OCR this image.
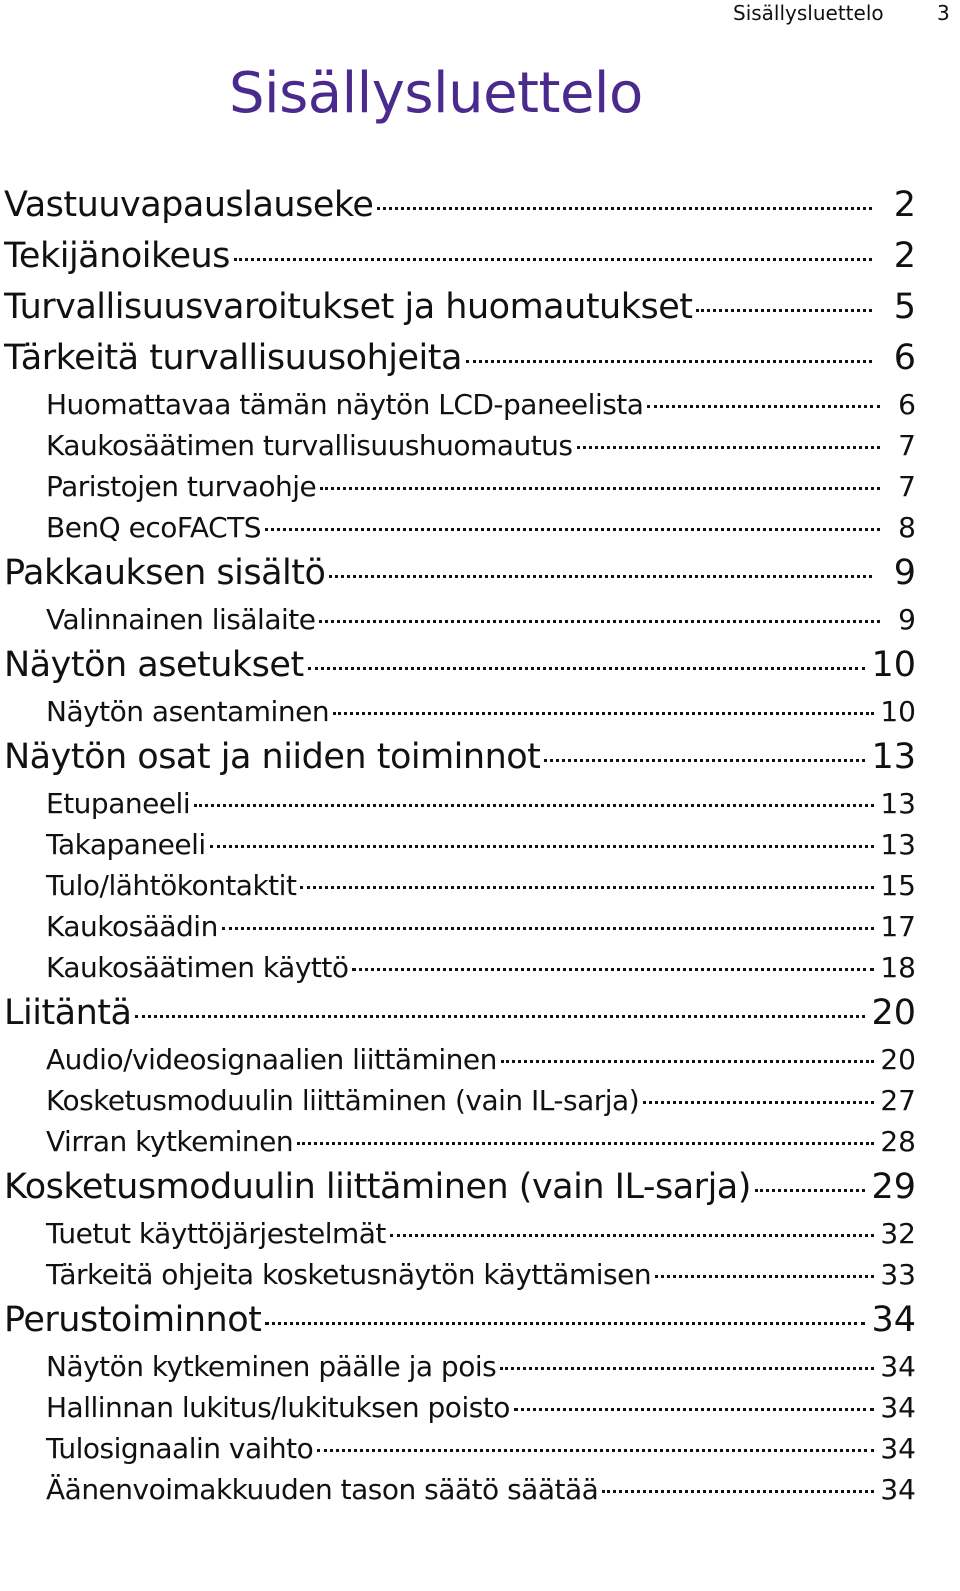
Sisällysluettelo	3
Sisällysluettelo
Vastuuvapauslauseke	2
Tekijänoikeus	2
Turvallisuusvaroitukset ja huomautukset	5
Tärkeitä turvallisuusohjeita	6
Huomattavaa tämän näytön LCD-paneelista	6
Kaukosäätimen turvallisuushuomautus	7
Paristojen turvaohje	7
BenQ ecoFACTS	8
Pakkauksen sisältö	9
Valinnainen lisälaite	9
Näytön asetukset	10
Näytön asentaminen	10
Näytön osat ja niiden toiminnot	13
Etupaneeli	13
Takapaneeli	13
Tulo/lähtökontaktit	15
Kaukosäädin	17
Kaukosäätimen käyttö	18
Liitäntä	20
Audio/videosignaalien liittäminen	20
Kosketusmoduulin liittäminen (vain IL-sarja)	27
Virran kytkeminen	28
Kosketusmoduulin liittäminen (vain IL-sarja)	29
Tuetut käyttöjärjestelmät	32
Tärkeitä ohjeita kosketusnäytön käyttämisen	33
Perustoiminnot	34
Näytön kytkeminen päälle ja pois	34
Hallinnan lukitus/lukituksen poisto	34
Tulosignaalin vaihto	34
Äänenvoimakkuuden tason säätö säätää	34
